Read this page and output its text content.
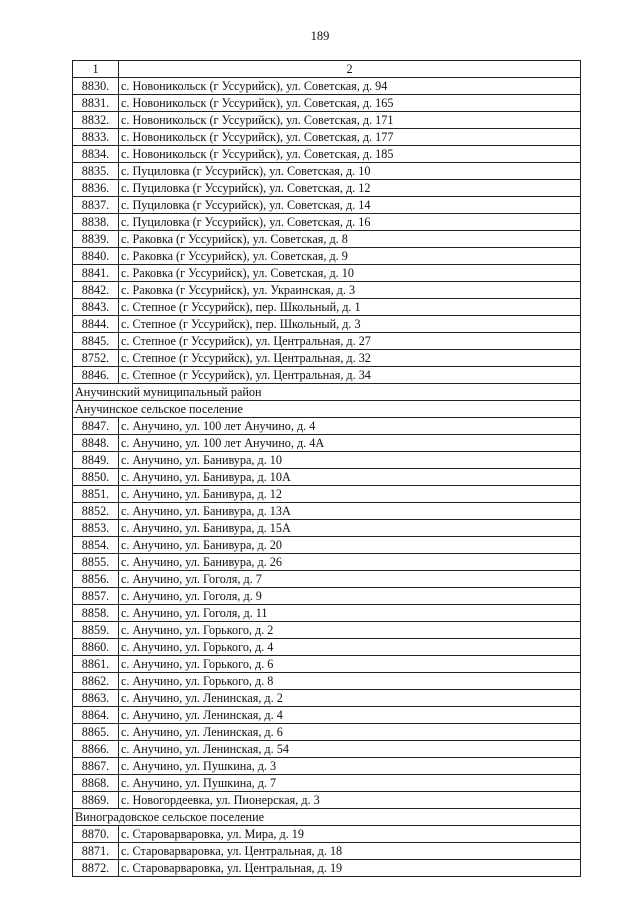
189
1	2
8830.	с. Новоникольск (г Уссурийск), ул. Советская, д. 94
8831.	с. Новоникольск (г Уссурийск), ул. Советская, д. 165
8832.	с. Новоникольск (г Уссурийск), ул. Советская, д. 171
8833.	с. Новоникольск (г Уссурийск), ул. Советская, д. 177
8834.	с. Новоникольск (г Уссурийск), ул. Советская, д. 185
8835.	с. Пуциловка (г Уссурийск), ул. Советская, д. 10
8836.	с. Пуциловка (г Уссурийск), ул. Советская, д. 12
8837.	с. Пуциловка (г Уссурийск), ул. Советская, д. 14
8838.	с. Пуциловка (г Уссурийск), ул. Советская, д. 16
8839.	с. Раковка (г Уссурийск), ул. Советская, д. 8
8840.	с. Раковка (г Уссурийск), ул. Советская, д. 9
8841.	с. Раковка (г Уссурийск), ул. Советская, д. 10
8842.	с. Раковка (г Уссурийск), ул. Украинская, д. 3
8843.	с. Степное (г Уссурийск), пер. Школьный, д. 1
8844.	с. Степное (г Уссурийск), пер. Школьный, д. 3
8845.	с. Степное (г Уссурийск), ул. Центральная, д. 27
8752.	с. Степное (г Уссурийск), ул. Центральная, д. 32
8846.	с. Степное (г Уссурийск), ул. Центральная, д. 34
Анучинский муниципальный район	
Анучинское сельское поселение	
8847.	с. Анучино, ул. 100 лет Анучино, д. 4
8848.	с. Анучино, ул. 100 лет Анучино, д. 4А
8849.	с. Анучино, ул. Банивура, д. 10
8850.	с. Анучино, ул. Банивура, д. 10А
8851.	с. Анучино, ул. Банивура, д. 12
8852.	с. Анучино, ул. Банивура, д. 13А
8853.	с. Анучино, ул. Банивура, д. 15А
8854.	с. Анучино, ул. Банивура, д. 20
8855.	с. Анучино, ул. Банивура, д. 26
8856.	с. Анучино, ул. Гоголя, д. 7
8857.	с. Анучино, ул. Гоголя, д. 9
8858.	с. Анучино, ул. Гоголя, д. 11
8859.	с. Анучино, ул. Горького, д. 2
8860.	с. Анучино, ул. Горького, д. 4
8861.	с. Анучино, ул. Горького, д. 6
8862.	с. Анучино, ул. Горького, д. 8
8863.	с. Анучино, ул. Ленинская, д. 2
8864.	с. Анучино, ул. Ленинская, д. 4
8865.	с. Анучино, ул. Ленинская, д. 6
8866.	с. Анучино, ул. Ленинская, д. 54
8867.	с. Анучино, ул. Пушкина, д. 3
8868.	с. Анучино, ул. Пушкина, д. 7
8869.	с. Новогордеевка, ул. Пионерская, д. 3
Виноградовское сельское поселение	
8870.	с. Староварваровка, ул. Мира, д. 19
8871.	с. Староварваровка, ул. Центральная, д. 18
8872.	с. Староварваровка, ул. Центральная, д. 19
